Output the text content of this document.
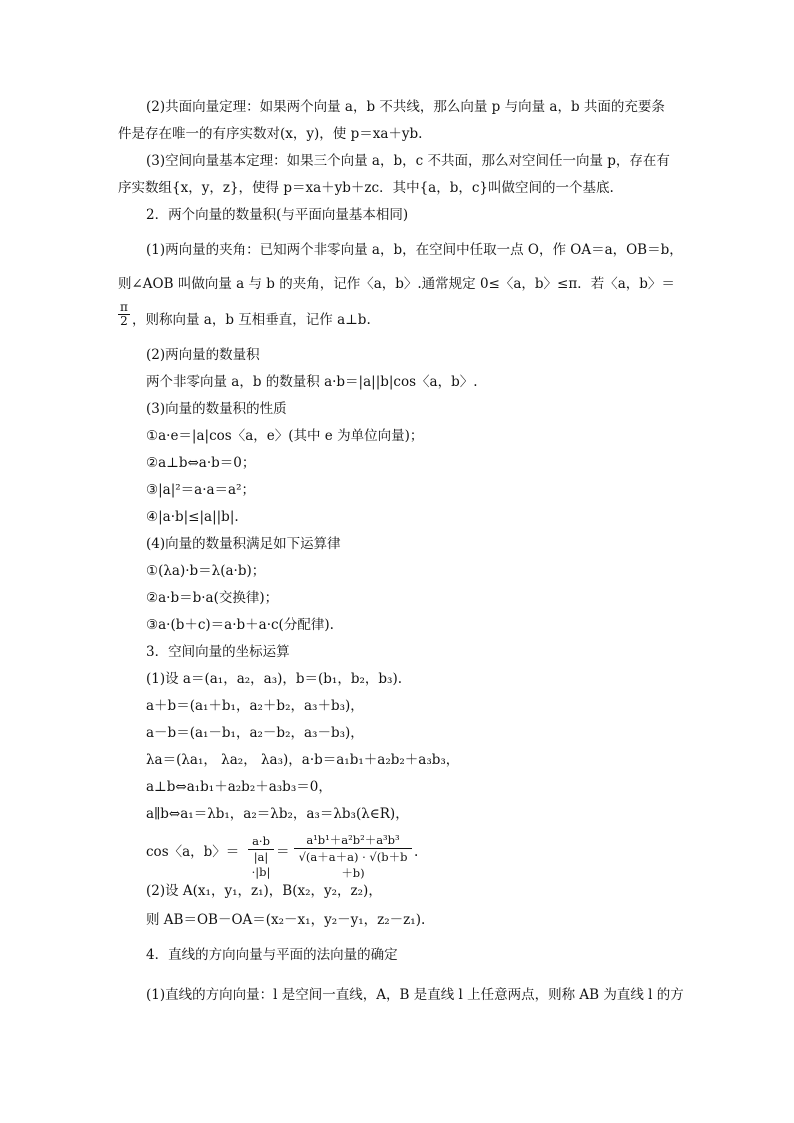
(2)共面向量定理：如果两个向量 a，b 不共线，那么向量 p 与向量 a，b 共面的充要条
件是存在唯一的有序实数对(x，y)，使 p＝xa＋yb.
(3)空间向量基本定理：如果三个向量 a，b，c 不共面，那么对空间任一向量 p，存在有
序实数组{x，y，z}，使得 p＝xa＋yb＋zc．其中{a，b，c}叫做空间的一个基底.
2．两个向量的数量积(与平面向量基本相同)
(1)两向量的夹角：已知两个非零向量 a，b，在空间中任取一点 O，作 OA＝a，OB＝b，
则∠AOB 叫做向量 a 与 b 的夹角，记作〈a，b〉.通常规定 0≤〈a，b〉≤π．若〈a，b〉＝
$\frac{\pi}{2}$ ，则称向量 a，b 互相垂直，记作 a⊥b.
(2)两向量的数量积
两个非零向量 a，b 的数量积 a·b＝|a||b|cos〈a，b〉.
(3)向量的数量积的性质
①a·e＝|a|cos〈a，e〉(其中 e 为单位向量)；
②a⊥b⇔a·b＝0；
③|a|²＝a·a＝a²；
④|a·b|≤|a||b|.
(4)向量的数量积满足如下运算律
①(λa)·b＝λ(a·b)；
②a·b＝b·a(交换律)；
③a·(b＋c)＝a·b＋a·c(分配律).
3．空间向量的坐标运算
(1)设 a＝(a₁，a₂，a₃)，b＝(b₁，b₂，b₃).
a＋b＝(a₁＋b₁，a₂＋b₂，a₃＋b₃)，
a－b＝(a₁－b₁，a₂－b₂，a₃－b₃)，
λa＝(λa₁， λa₂， λa₃)，a·b＝a₁b₁＋a₂b₂＋a₃b₃，
a⊥b⇔a₁b₁＋a₂b₂＋a₃b₃＝0，
a∥b⇔a₁＝λb₁，a₂＝λb₂，a₃＝λb₃(λ∈R)，
cos〈a，b〉＝ $\frac{a\cdot b}{|a|\cdot|b|} = \frac{\text{a¹b¹＋a²b²＋a³b³}}{√(a+a+a) \cdot √(b+b+b)}$ .
(2)设 A(x₁，y₁，z₁)，B(x₂，y₂，z₂)，
则 AB＝OB－OA＝(x₂－x₁，y₂－y₁，z₂－z₁).
4．直线的方向向量与平面的法向量的确定
(1)直线的方向向量：l 是空间一直线，A，B 是直线 l 上任意两点，则称 AB 为直线 l 的方
